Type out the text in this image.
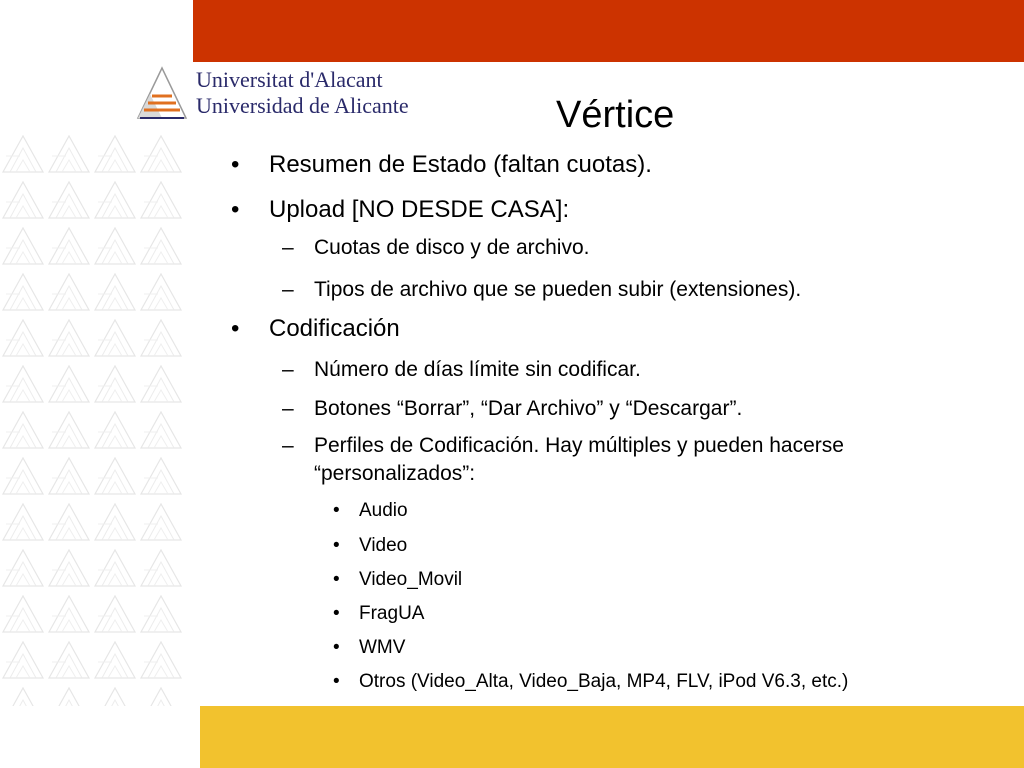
Universitat d'Alacant
Universidad de Alicante	Vértice
• Resumen de Estado (faltan cuotas).
• Upload [NO DESDE CASA]:
– Cuotas de disco y de archivo.
– Tipos de archivo que se pueden subir (extensiones).
• Codificación
– Número de días límite sin codificar.
– Botones “Borrar”, “Dar Archivo” y “Descargar”.
– Perfiles de Codificación. Hay múltiples y pueden hacerse
“personalizados”:
• Audio
• Video
• Video_Movil
• FragUA
• WMV
• Otros (Video_Alta, Video_Baja, MP4, FLV, iPod V6.3, etc.)
